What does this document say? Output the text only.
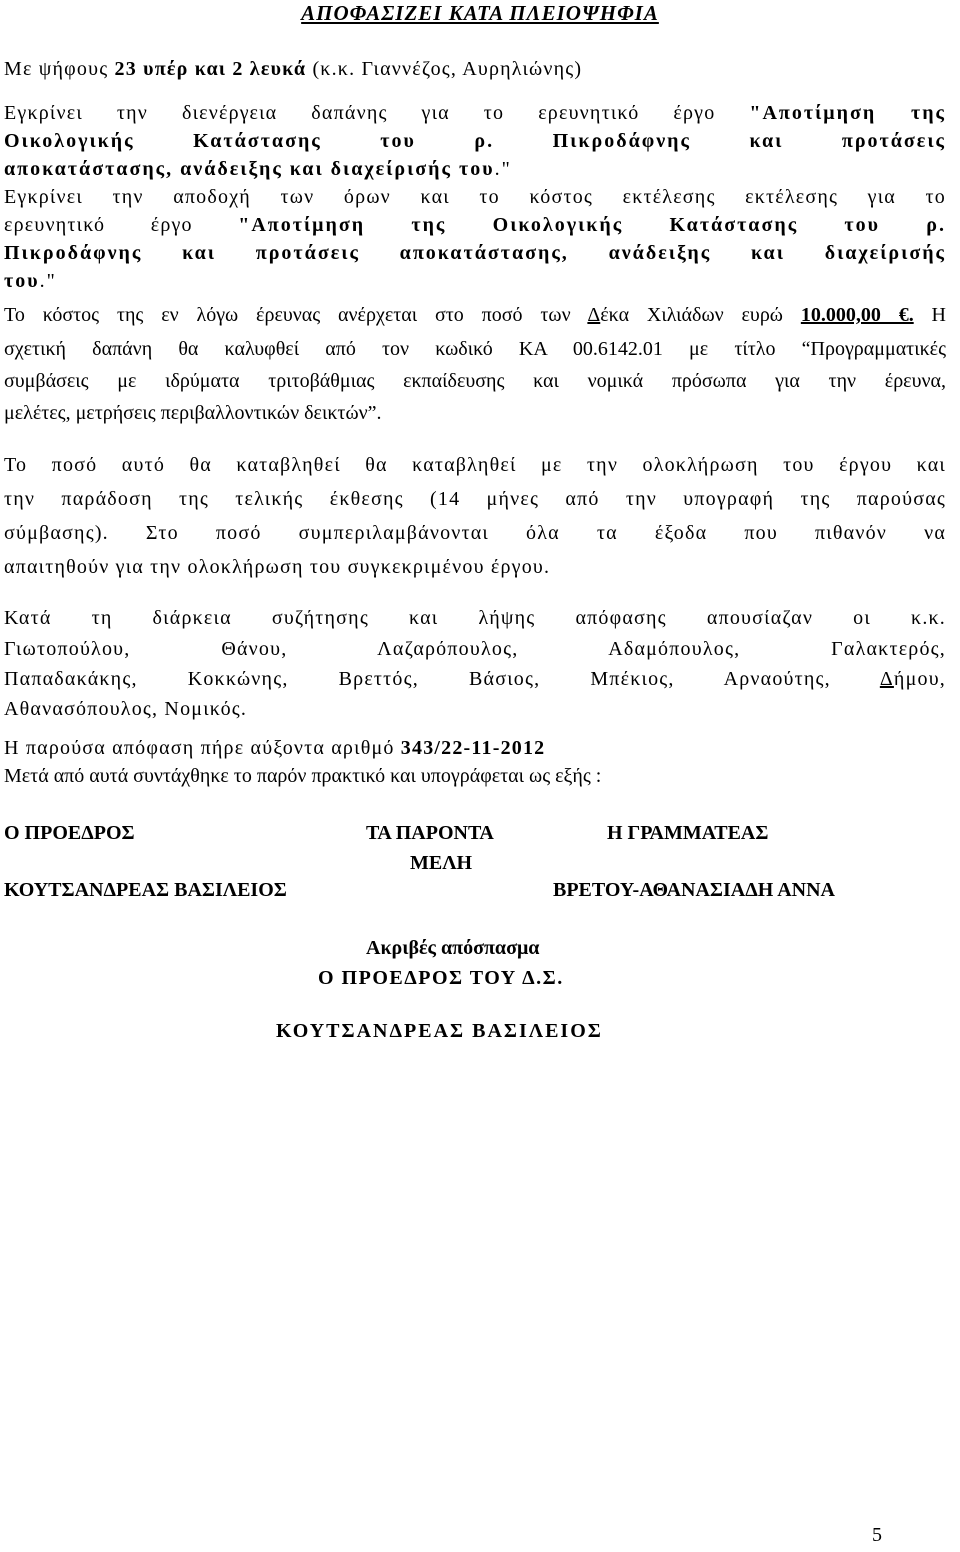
ΑΠΟΦΑΣΙΖΕΙ ΚΑΤΑ ΠΛΕΙΟΨΗΦΙΑ
Με ψήφους 23 υπέρ και 2 λευκά (κ.κ. Γιαννέζος, Αυρηλιώνης)
Εγκρίνει την διενέργεια δαπάνης για το ερευνητικό έργο "Αποτίμηση της
Οικολογικής Κατάστασης του ρ. Πικροδάφνης και προτάσεις
αποκατάστασης, ανάδειξης και διαχείρισής του."
Εγκρίνει την αποδοχή των όρων και το κόστος εκτέλεσης εκτέλεσης για το
ερευνητικό έργο "Αποτίμηση της Οικολογικής Κατάστασης του ρ.
Πικροδάφνης και προτάσεις αποκατάστασης, ανάδειξης και διαχείρισής
του."
Το κόστος της εν λόγω έρευνας ανέρχεται στο ποσό των Δέκα Χιλιάδων ευρώ 10.000,00 €. Η
σχετική δαπάνη θα καλυφθεί από τον κωδικό ΚΑ 00.6142.01 με τίτλο “Προγραμματικές
συμβάσεις με ιδρύματα τριτοβάθμιας εκπαίδευσης και νομικά πρόσωπα για την έρευνα,
μελέτες, μετρήσεις περιβαλλοντικών δεικτών”.
Το ποσό αυτό θα καταβληθεί θα καταβληθεί με την ολοκλήρωση του έργου και
την παράδοση της τελικής έκθεσης (14 μήνες από την υπογραφή της παρούσας
σύμβασης). Στο ποσό συμπεριλαμβάνονται όλα τα έξοδα που πιθανόν να
απαιτηθούν για την ολοκλήρωση του συγκεκριμένου έργου.
Κατά τη διάρκεια συζήτησης και λήψης απόφασης απουσίαζαν οι κ.κ.
Γιωτοπούλου, Θάνου, Λαζαρόπουλος, Αδαμόπουλος, Γαλακτερός,
Παπαδακάκης, Κοκκώνης, Βρεττός, Βάσιος, Μπέκιος, Αρναούτης, Δήμου,
Αθανασόπουλος, Νομικός.
Η παρούσα απόφαση πήρε αύξοντα αριθμό 343/22-11-2012
Μετά από αυτά συντάχθηκε το παρόν πρακτικό και υπογράφεται ως εξής :
Ο ΠΡΟΕΔΡΟΣ	ΤΑ ΠΑΡΟΝΤΑ
ΜΕΛΗ
Η ΓΡΑΜΜΑΤΕΑΣ
ΚΟΥΤΣΑΝΔΡΕΑΣ ΒΑΣΙΛΕΙΟΣ	ΒΡΕΤΟΥ-ΑΘΑΝΑΣΙΑΔΗ ΑΝΝΑ
Ακριβές απόσπασμα
Ο ΠΡΟΕΔΡΟΣ ΤΟΥ Δ.Σ.
ΚΟΥΤΣΑΝΔΡΕΑΣ ΒΑΣΙΛΕΙΟΣ
5
